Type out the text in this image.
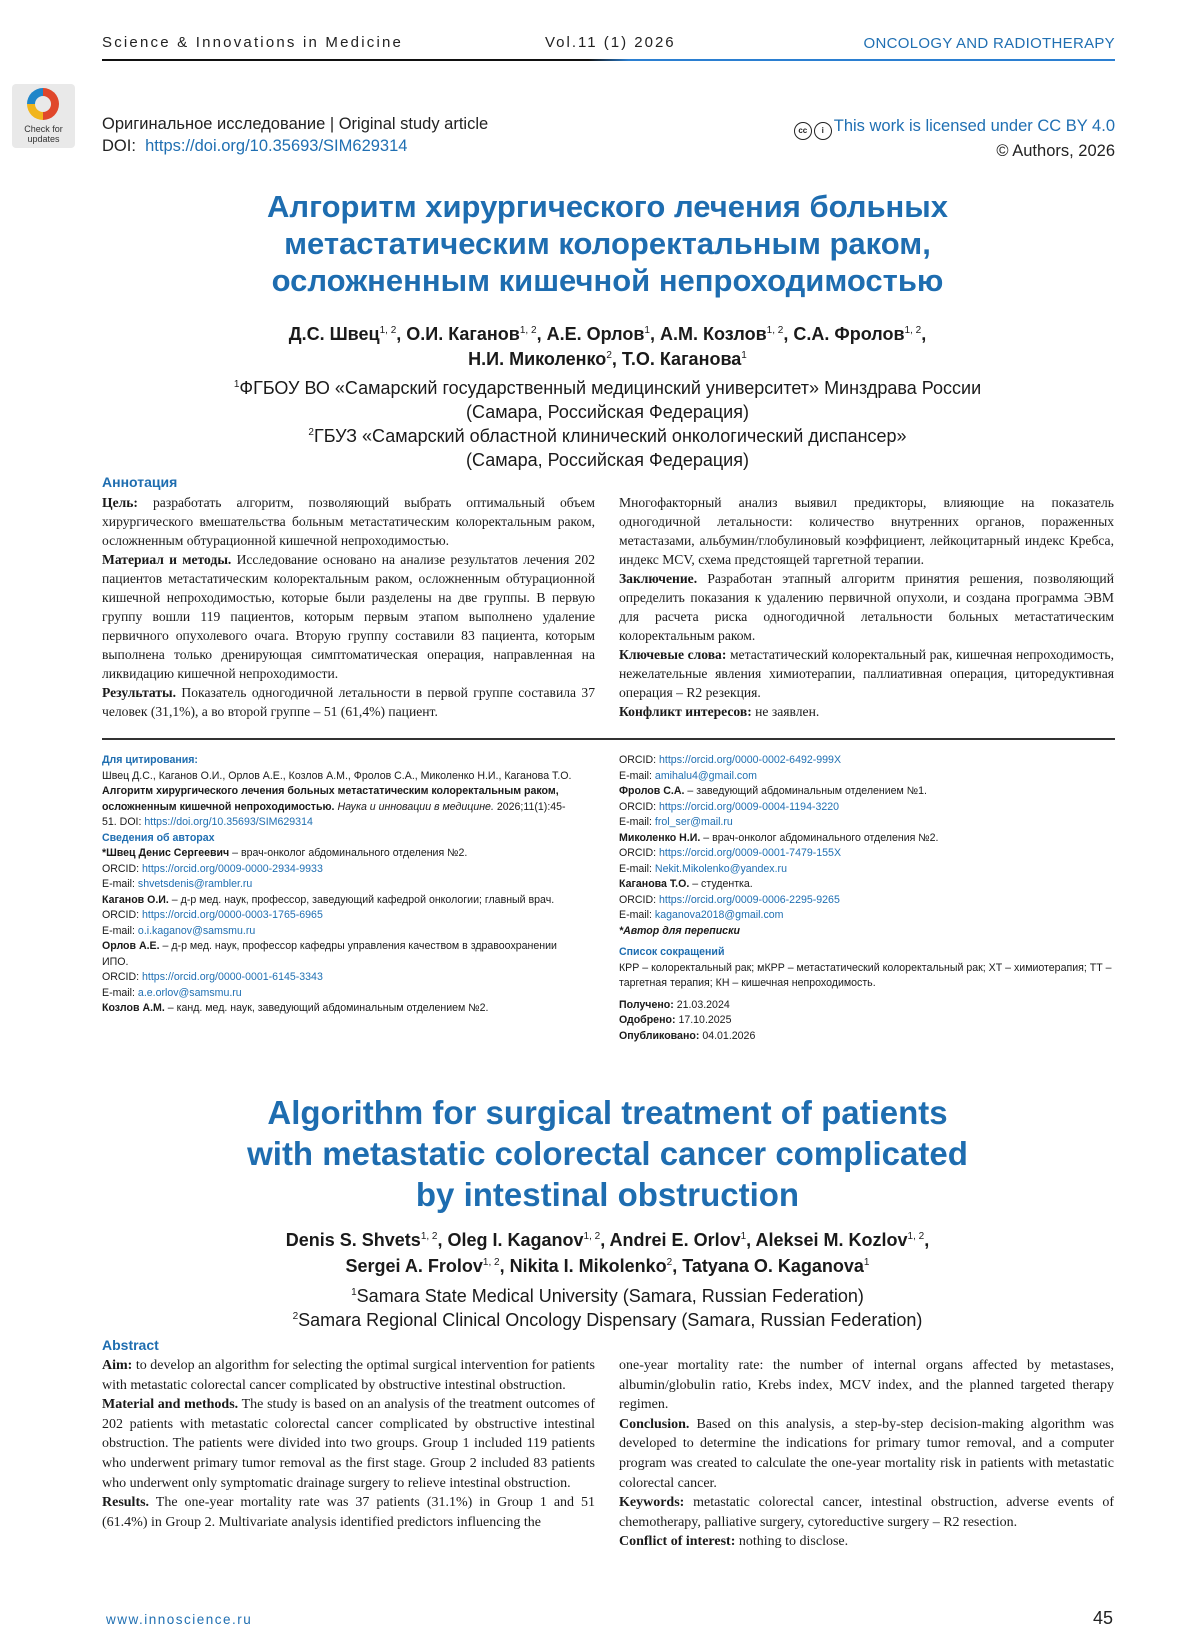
Science & Innovations in Medicine	Vol.11 (1) 2026	ONCOLOGY AND RADIOTHERAPY
Check for updates
Оригинальное исследование | Original study article
DOI: https://doi.org/10.35693/SIM629314
cc i This work is licensed under CC BY 4.0
© Authors, 2026
Алгоритм хирургического лечения больных
метастатическим колоректальным раком,
осложненным кишечной непроходимостью
Д.С. Швец$^{1, 2}$, О.И. Каганов$^{1, 2}$, А.Е. Орлов$^1$, А.М. Козлов$^{1, 2}$, С.А. Фролов$^{1, 2}$,
Н.И. Миколенко$^2$, Т.О. Каганова$^1$
$^1$ФГБОУ ВО «Самарский государственный медицинский университет» Минздрава России
(Самара, Российская Федерация)
$^2$ГБУЗ «Самарский областной клинический онкологический диспансер»
(Самара, Российская Федерация)
Аннотация

Цель: разработать алгоритм, позволяющий выбрать оптимальный объем хирургического вмешательства больным метастатическим колоректальным раком, осложненным обтурационной кишечной непроходимостью.

Материал и методы. Исследование основано на анализе результатов лечения 202 пациентов метастатическим колоректальным раком, осложненным обтурационной кишечной непроходимостью, которые были разделены на две группы. В первую группу вошли 119 пациентов, которым первым этапом выполнено удаление первичного опухолевого очага. Вторую группу составили 83 пациента, которым выполнена только дренирующая симптоматическая операция, направленная на ликвидацию кишечной непроходимости.

Результаты. Показатель одногодичной летальности в первой группе составила 37 человек (31,1%), а во второй группе – 51 (61,4%) пациент.

Многофакторный анализ выявил предикторы, влияющие на показатель одногодичной летальности: количество внутренних органов, пораженных метастазами, альбумин/глобулиновый коэффициент, лейкоцитарный индекс Кребса, индекс MCV, схема предстоящей таргетной терапии.

Заключение. Разработан этапный алгоритм принятия решения, позволяющий определить показания к удалению первичной опухоли, и создана программа ЭВМ для расчета риска одногодичной летальности больных метастатическим колоректальным раком.

Ключевые слова: метастатический колоректальный рак, кишечная непроходимость, нежелательные явления химиотерапии, паллиативная операция, циторедуктивная операция – R2 резекция.

Конфликт интересов: не заявлен.

Для цитирования:

Швец Д.С., Каганов О.И., Орлов А.Е., Козлов А.М., Фролов С.А., Миколенко Н.И., Каганова Т.О. Алгоритм хирургического лечения больных метастатическим колоректальным раком, осложненным кишечной непроходимостью. Наука и инновации в медицине. 2026;11(1):45-51. DOI: https://doi.org/10.35693/SIM629314

Сведения об авторах

*Швец Денис Сергеевич – врач-онколог абдоминального отделения №2.

ORCID: https://orcid.org/0009-0000-2934-9933

E-mail: shvetsdenis@rambler.ru

Каганов О.И. – д-р мед. наук, профессор, заведующий кафедрой онкологии; главный врач.

ORCID: https://orcid.org/0000-0003-1765-6965

E-mail: o.i.kaganov@samsmu.ru

Орлов А.Е. – д-р мед. наук, профессор кафедры управления качеством в здравоохранении ИПО.

ORCID: https://orcid.org/0000-0001-6145-3343

E-mail: a.e.orlov@samsmu.ru

Козлов А.М. – канд. мед. наук, заведующий абдоминальным отделением №2.

ORCID: https://orcid.org/0000-0002-6492-999X

E-mail: amihalu4@gmail.com

Фролов С.А. – заведующий абдоминальным отделением №1.

ORCID: https://orcid.org/0009-0004-1194-3220

E-mail: frol_ser@mail.ru

Миколенко Н.И. – врач-онколог абдоминального отделения №2.

ORCID: https://orcid.org/0009-0001-7479-155X

E-mail: Nekit.Mikolenko@yandex.ru

Каганова Т.О. – студентка.

ORCID: https://orcid.org/0009-0006-2295-9265

E-mail: kaganova2018@gmail.com

*Автор для переписки

Список сокращений

КРР – колоректальный рак; мКРР – метастатический колоректальный рак; ХТ – химиотерапия; ТТ – таргетная терапия; КН – кишечная непроходимость.

Получено: 21.03.2024

Одобрено: 17.10.2025

Опубликовано: 04.01.2026

Algorithm for surgical treatment of patients
with metastatic colorectal cancer complicated
by intestinal obstruction
Denis S. Shvets$^{1, 2}$, Oleg I. Kaganov$^{1, 2}$, Andrei E. Orlov$^1$, Aleksei M. Kozlov$^{1, 2}$,
Sergei A. Frolov$^{1, 2}$, Nikita I. Mikolenko$^2$, Tatyana O. Kaganova$^1$
$^1$Samara State Medical University (Samara, Russian Federation)
$^2$Samara Regional Clinical Oncology Dispensary (Samara, Russian Federation)
Abstract

Aim: to develop an algorithm for selecting the optimal surgical intervention for patients with metastatic colorectal cancer complicated by obstructive intestinal obstruction.

Material and methods. The study is based on an analysis of the treatment outcomes of 202 patients with metastatic colorectal cancer complicated by obstructive intestinal obstruction. The patients were divided into two groups. Group 1 included 119 patients who underwent primary tumor removal as the first stage. Group 2 included 83 patients who underwent only symptomatic drainage surgery to relieve intestinal obstruction.

Results. The one-year mortality rate was 37 patients (31.1%) in Group 1 and 51 (61.4%) in Group 2. Multivariate analysis identified predictors influencing the

one-year mortality rate: the number of internal organs affected by metastases, albumin/globulin ratio, Krebs index, MCV index, and the planned targeted therapy regimen.

Conclusion. Based on this analysis, a step-by-step decision-making algorithm was developed to determine the indications for primary tumor removal, and a computer program was created to calculate the one-year mortality risk in patients with metastatic colorectal cancer.

Keywords: metastatic colorectal cancer, intestinal obstruction, adverse events of chemotherapy, palliative surgery, cytoreductive surgery – R2 resection.

Conflict of interest: nothing to disclose.

www.innoscience.ru	45
